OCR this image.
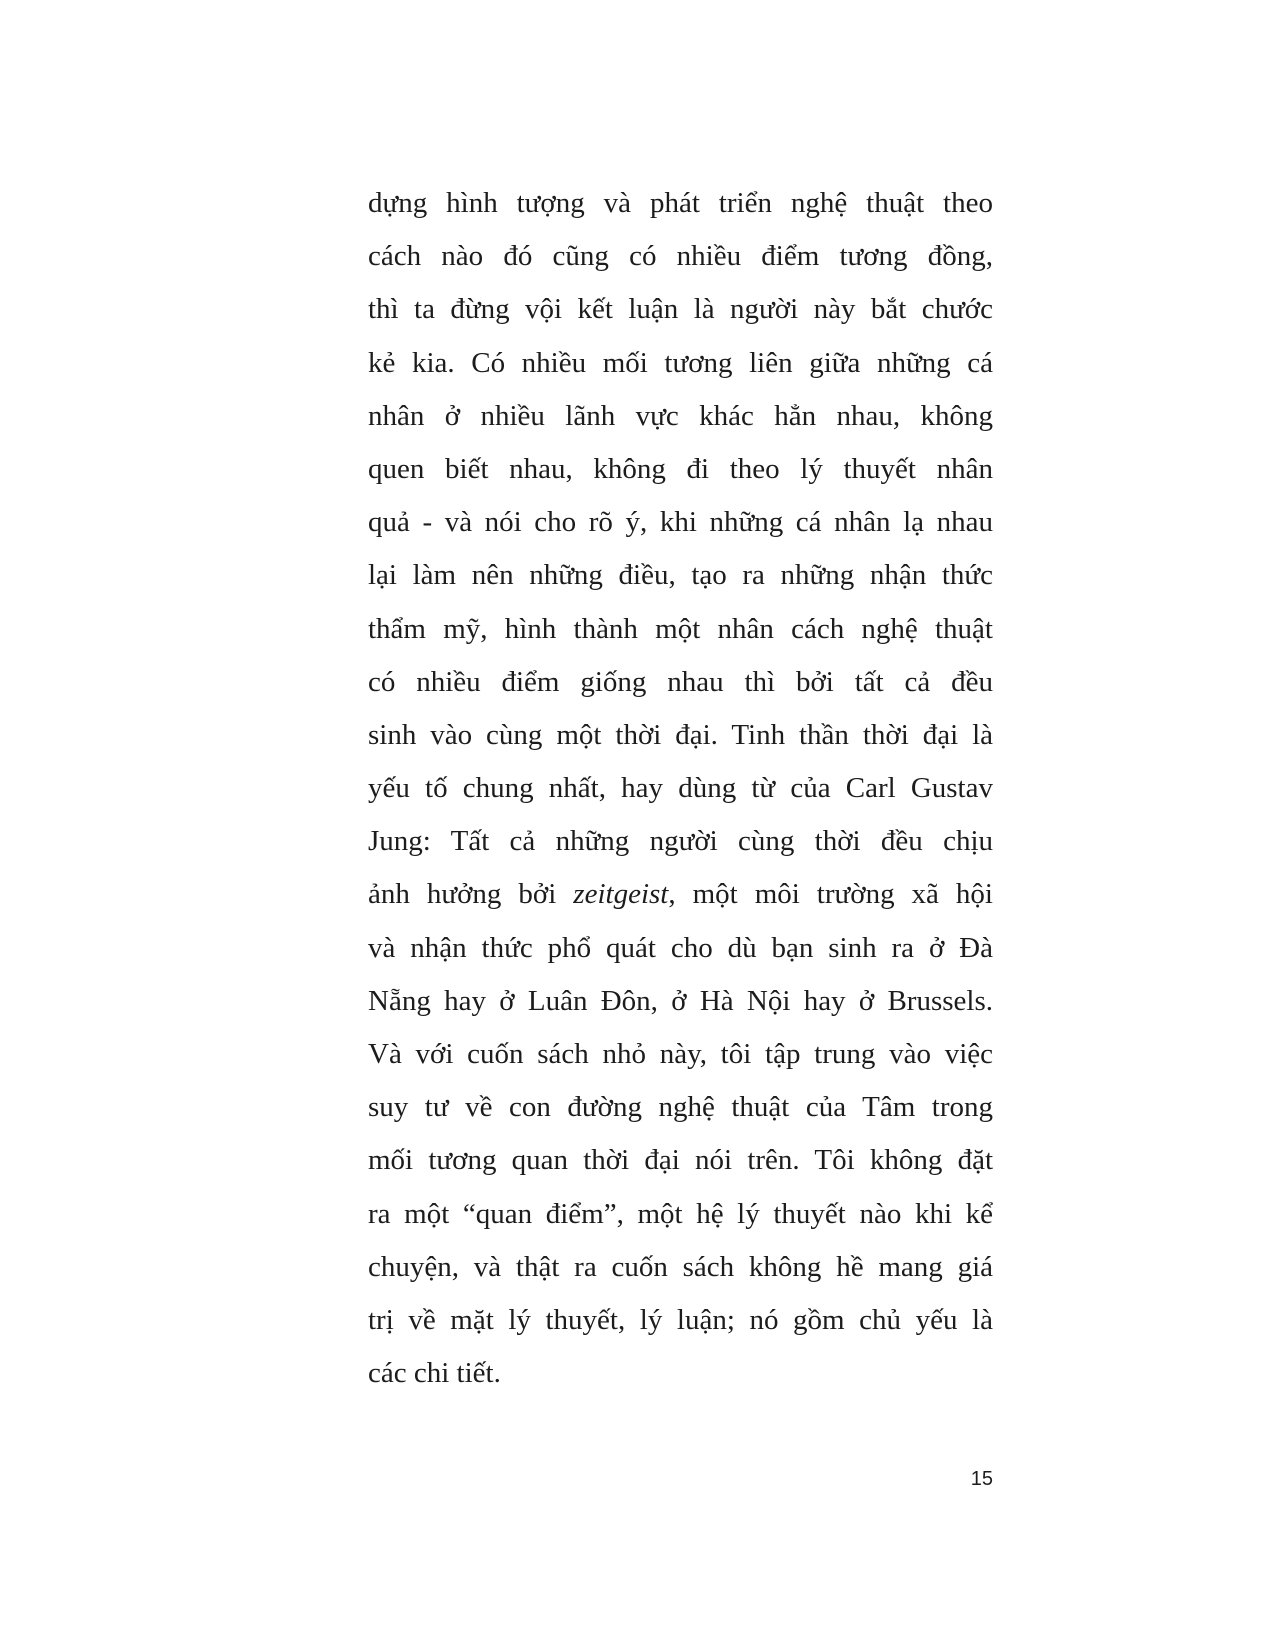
dựng hình tượng và phát triển nghệ thuật theo
cách nào đó cũng có nhiều điểm tương đồng,
thì ta đừng vội kết luận là người này bắt chước
kẻ kia. Có nhiều mối tương liên giữa những cá
nhân ở nhiều lãnh vực khác hẳn nhau, không
quen biết nhau, không đi theo lý thuyết nhân
quả - và nói cho rõ ý, khi những cá nhân lạ nhau
lại làm nên những điều, tạo ra những nhận thức
thẩm mỹ, hình thành một nhân cách nghệ thuật
có nhiều điểm giống nhau thì bởi tất cả đều
sinh vào cùng một thời đại. Tinh thần thời đại là
yếu tố chung nhất, hay dùng từ của Carl Gustav
Jung: Tất cả những người cùng thời đều chịu
ảnh hưởng bởi zeitgeist, một môi trường xã hội
và nhận thức phổ quát cho dù bạn sinh ra ở Đà
Nẵng hay ở Luân Đôn, ở Hà Nội hay ở Brussels.
Và với cuốn sách nhỏ này, tôi tập trung vào việc
suy tư về con đường nghệ thuật của Tâm trong
mối tương quan thời đại nói trên. Tôi không đặt
ra một “quan điểm”, một hệ lý thuyết nào khi kể
chuyện, và thật ra cuốn sách không hề mang giá
trị về mặt lý thuyết, lý luận; nó gồm chủ yếu là
các chi tiết.
15
